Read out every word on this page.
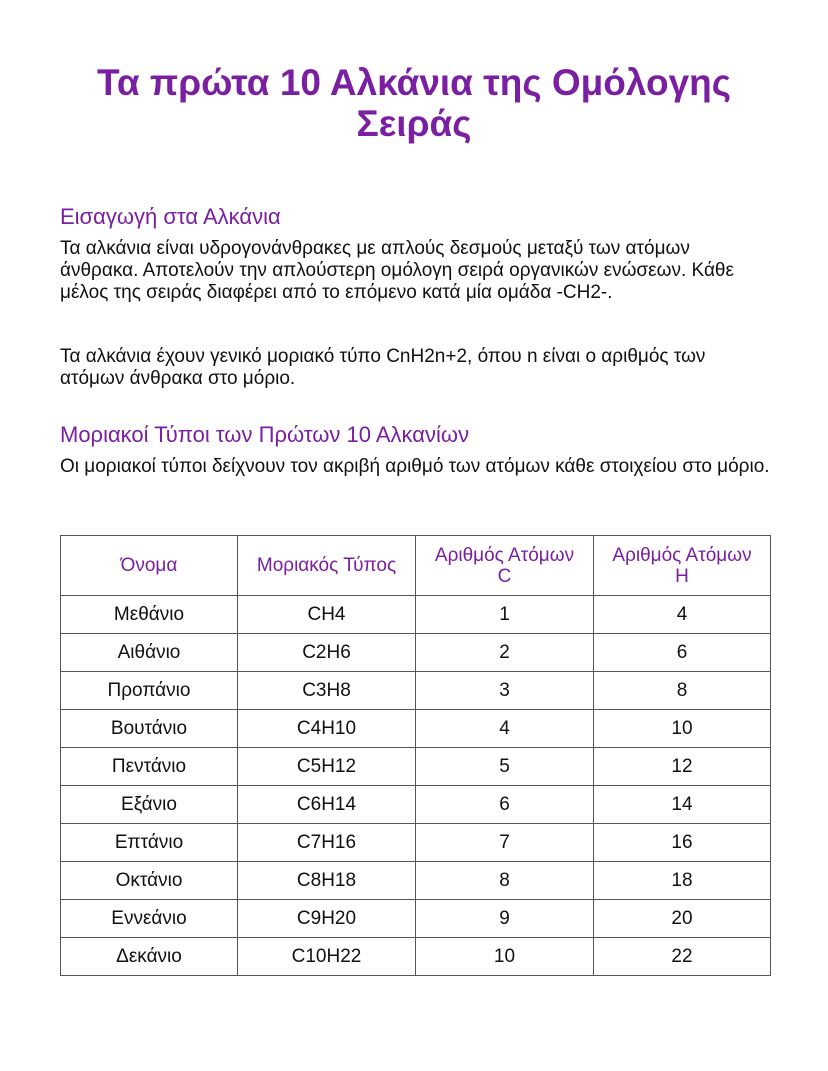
Τα πρώτα 10 Αλκάνια της Ομόλογης Σειράς
Εισαγωγή στα Αλκάνια

Τα αλκάνια είναι υδρογονάνθρακες με απλούς δεσμούς μεταξύ των ατόμων άνθρακα. Αποτελούν την απλούστερη ομόλογη σειρά οργανικών ενώσεων. Κάθε μέλος της σειράς διαφέρει από το επόμενο κατά μία ομάδα -CH2-.

Τα αλκάνια έχουν γενικό μοριακό τύπο CnH2n+2, όπου n είναι ο αριθμός των ατόμων άνθρακα στο μόριο.

Μοριακοί Τύποι των Πρώτων 10 Αλκανίων

Οι μοριακοί τύποι δείχνουν τον ακριβή αριθμό των ατόμων κάθε στοιχείου στο μόριο.

Όνομα	Μοριακός Τύπος	Αριθμός Ατόμων C	Αριθμός Ατόμων H
Μεθάνιο	CH4	1	4
Αιθάνιο	C2H6	2	6
Προπάνιο	C3H8	3	8
Βουτάνιο	C4H10	4	10
Πεντάνιο	C5H12	5	12
Εξάνιο	C6H14	6	14
Επτάνιο	C7H16	7	16
Οκτάνιο	C8H18	8	18
Εννεάνιο	C9H20	9	20
Δεκάνιο	C10H22	10	22
